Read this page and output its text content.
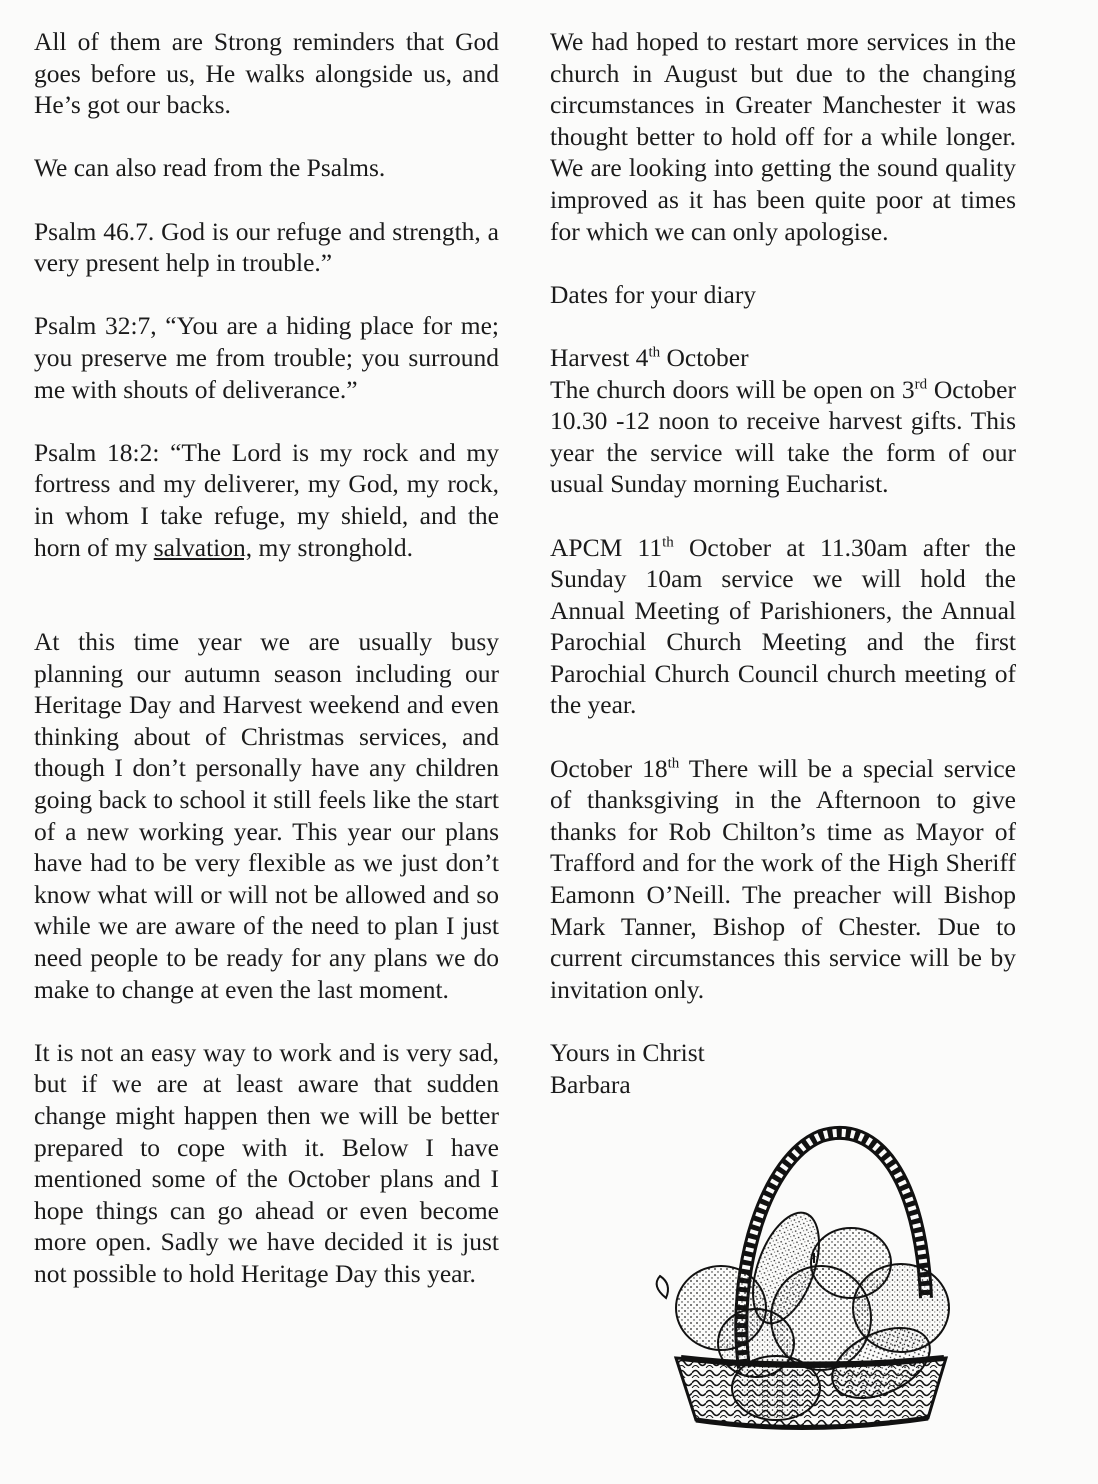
All of them are Strong reminders that God goes before us, He walks alongside us, and He’s got our backs.

We can also read from the Psalms.

Psalm 46.7. God is our refuge and strength, a very present help in trouble.”

Psalm 32:7, “You are a hiding place for me; you preserve me from trouble; you surround me with shouts of deliverance.”

Psalm 18:2: “The Lord is my rock and my fortress and my deliverer, my God, my rock, in whom I take refuge, my shield, and the horn of my salvation, my stronghold.

At this time year we are usually busy planning our autumn season including our Heritage Day and Harvest weekend and even thinking about of Christmas services, and though I don’t personally have any children going back to school it still feels like the start of a new working year. This year our plans have had to be very flexible as we just don’t know what will or will not be allowed and so while we are aware of the need to plan I just need people to be ready for any plans we do make to change at even the last moment.

It is not an easy way to work and is very sad, but if we are at least aware that sudden change might happen then we will be better prepared to cope with it. Below I have mentioned some of the October plans and I hope things can go ahead or even become more open. Sadly we have decided it is just not possible to hold Heritage Day this year.

We had hoped to restart more services in the church in August but due to the changing circumstances in Greater Manchester it was thought better to hold off for a while longer. We are looking into getting the sound quality improved as it has been quite poor at times for which we can only apologise.

Dates for your diary

Harvest 4th October

The church doors will be open on 3rd October 10.30 -12 noon to receive harvest gifts. This year the service will take the form of our usual Sunday morning Eucharist.

APCM 11th October at 11.30am after the Sunday 10am service we will hold the Annual Meeting of Parishioners, the Annual Parochial Church Meeting and the first Parochial Church Council church meeting of the year.

October 18th There will be a special service of thanksgiving in the Afternoon to give thanks for Rob Chilton’s time as Mayor of Trafford and for the work of the High Sheriff Eamonn O’Neill. The preacher will Bishop Mark Tanner, Bishop of Chester. Due to current circumstances this service will be by invitation only.

Yours in Christ

Barbara
